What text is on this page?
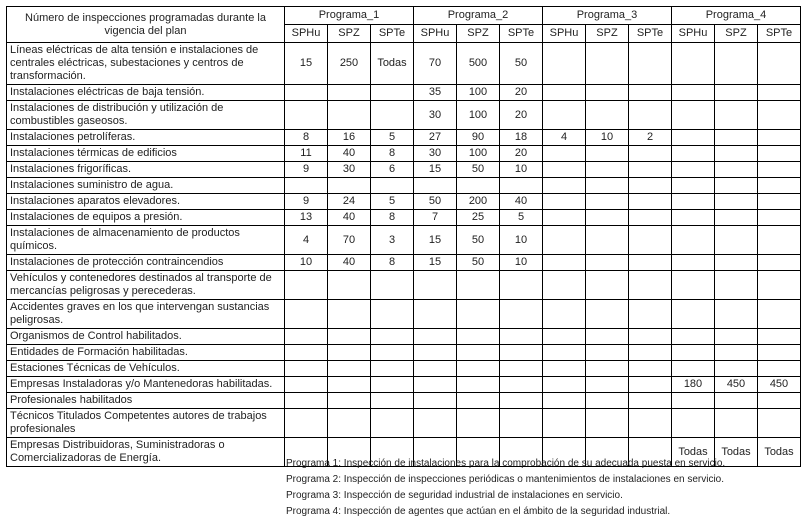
Número de inspecciones programadas durante la vigencia del plan	Programa_1			Programa_2			Programa_3			Programa_4		
	SPHu	SPZ	SPTe	SPHu	SPZ	SPTe	SPHu	SPZ	SPTe	SPHu	SPZ	SPTe
Líneas eléctricas de alta tensión e instalaciones de centrales eléctricas, subestaciones y centros de transformación.	15	250	Todas	70	500	50						
Instalaciones eléctricas de baja tensión.				35	100	20						
Instalaciones de distribución y utilización de combustibles gaseosos.				30	100	20						
Instalaciones petrolíferas.	8	16	5	27	90	18	4	10	2			
Instalaciones térmicas de edificios	11	40	8	30	100	20						
Instalaciones frigoríficas.	9	30	6	15	50	10						
Instalaciones suministro de agua.												
Instalaciones aparatos elevadores.	9	24	5	50	200	40						
Instalaciones de equipos a presión.	13	40	8	7	25	5						
Instalaciones de almacenamiento de productos químicos.	4	70	3	15	50	10						
Instalaciones de protección contraincendios	10	40	8	15	50	10						
Vehículos y contenedores destinados al transporte de mercancías peligrosas y perecederas.												
Accidentes graves en los que intervengan sustancias peligrosas.												
Organismos de Control habilitados.												
Entidades de Formación habilitadas.												
Estaciones Técnicas de Vehículos.												
Empresas Instaladoras y/o Mantenedoras habilitadas.										180	450	450
Profesionales habilitados												
Técnicos Titulados Competentes autores de trabajos profesionales												
Empresas Distribuidoras, Suministradoras o Comercializadoras de Energía.										Todas	Todas	Todas
Programa 1: Inspección de instalaciones para la comprobación de su adecuada puesta en servicio.
Programa 2: Inspección de inspecciones periódicas o mantenimientos de instalaciones en servicio.
Programa 3: Inspección de seguridad industrial de instalaciones en servicio.
Programa 4: Inspección de agentes que actúan en el ámbito de la seguridad industrial.
